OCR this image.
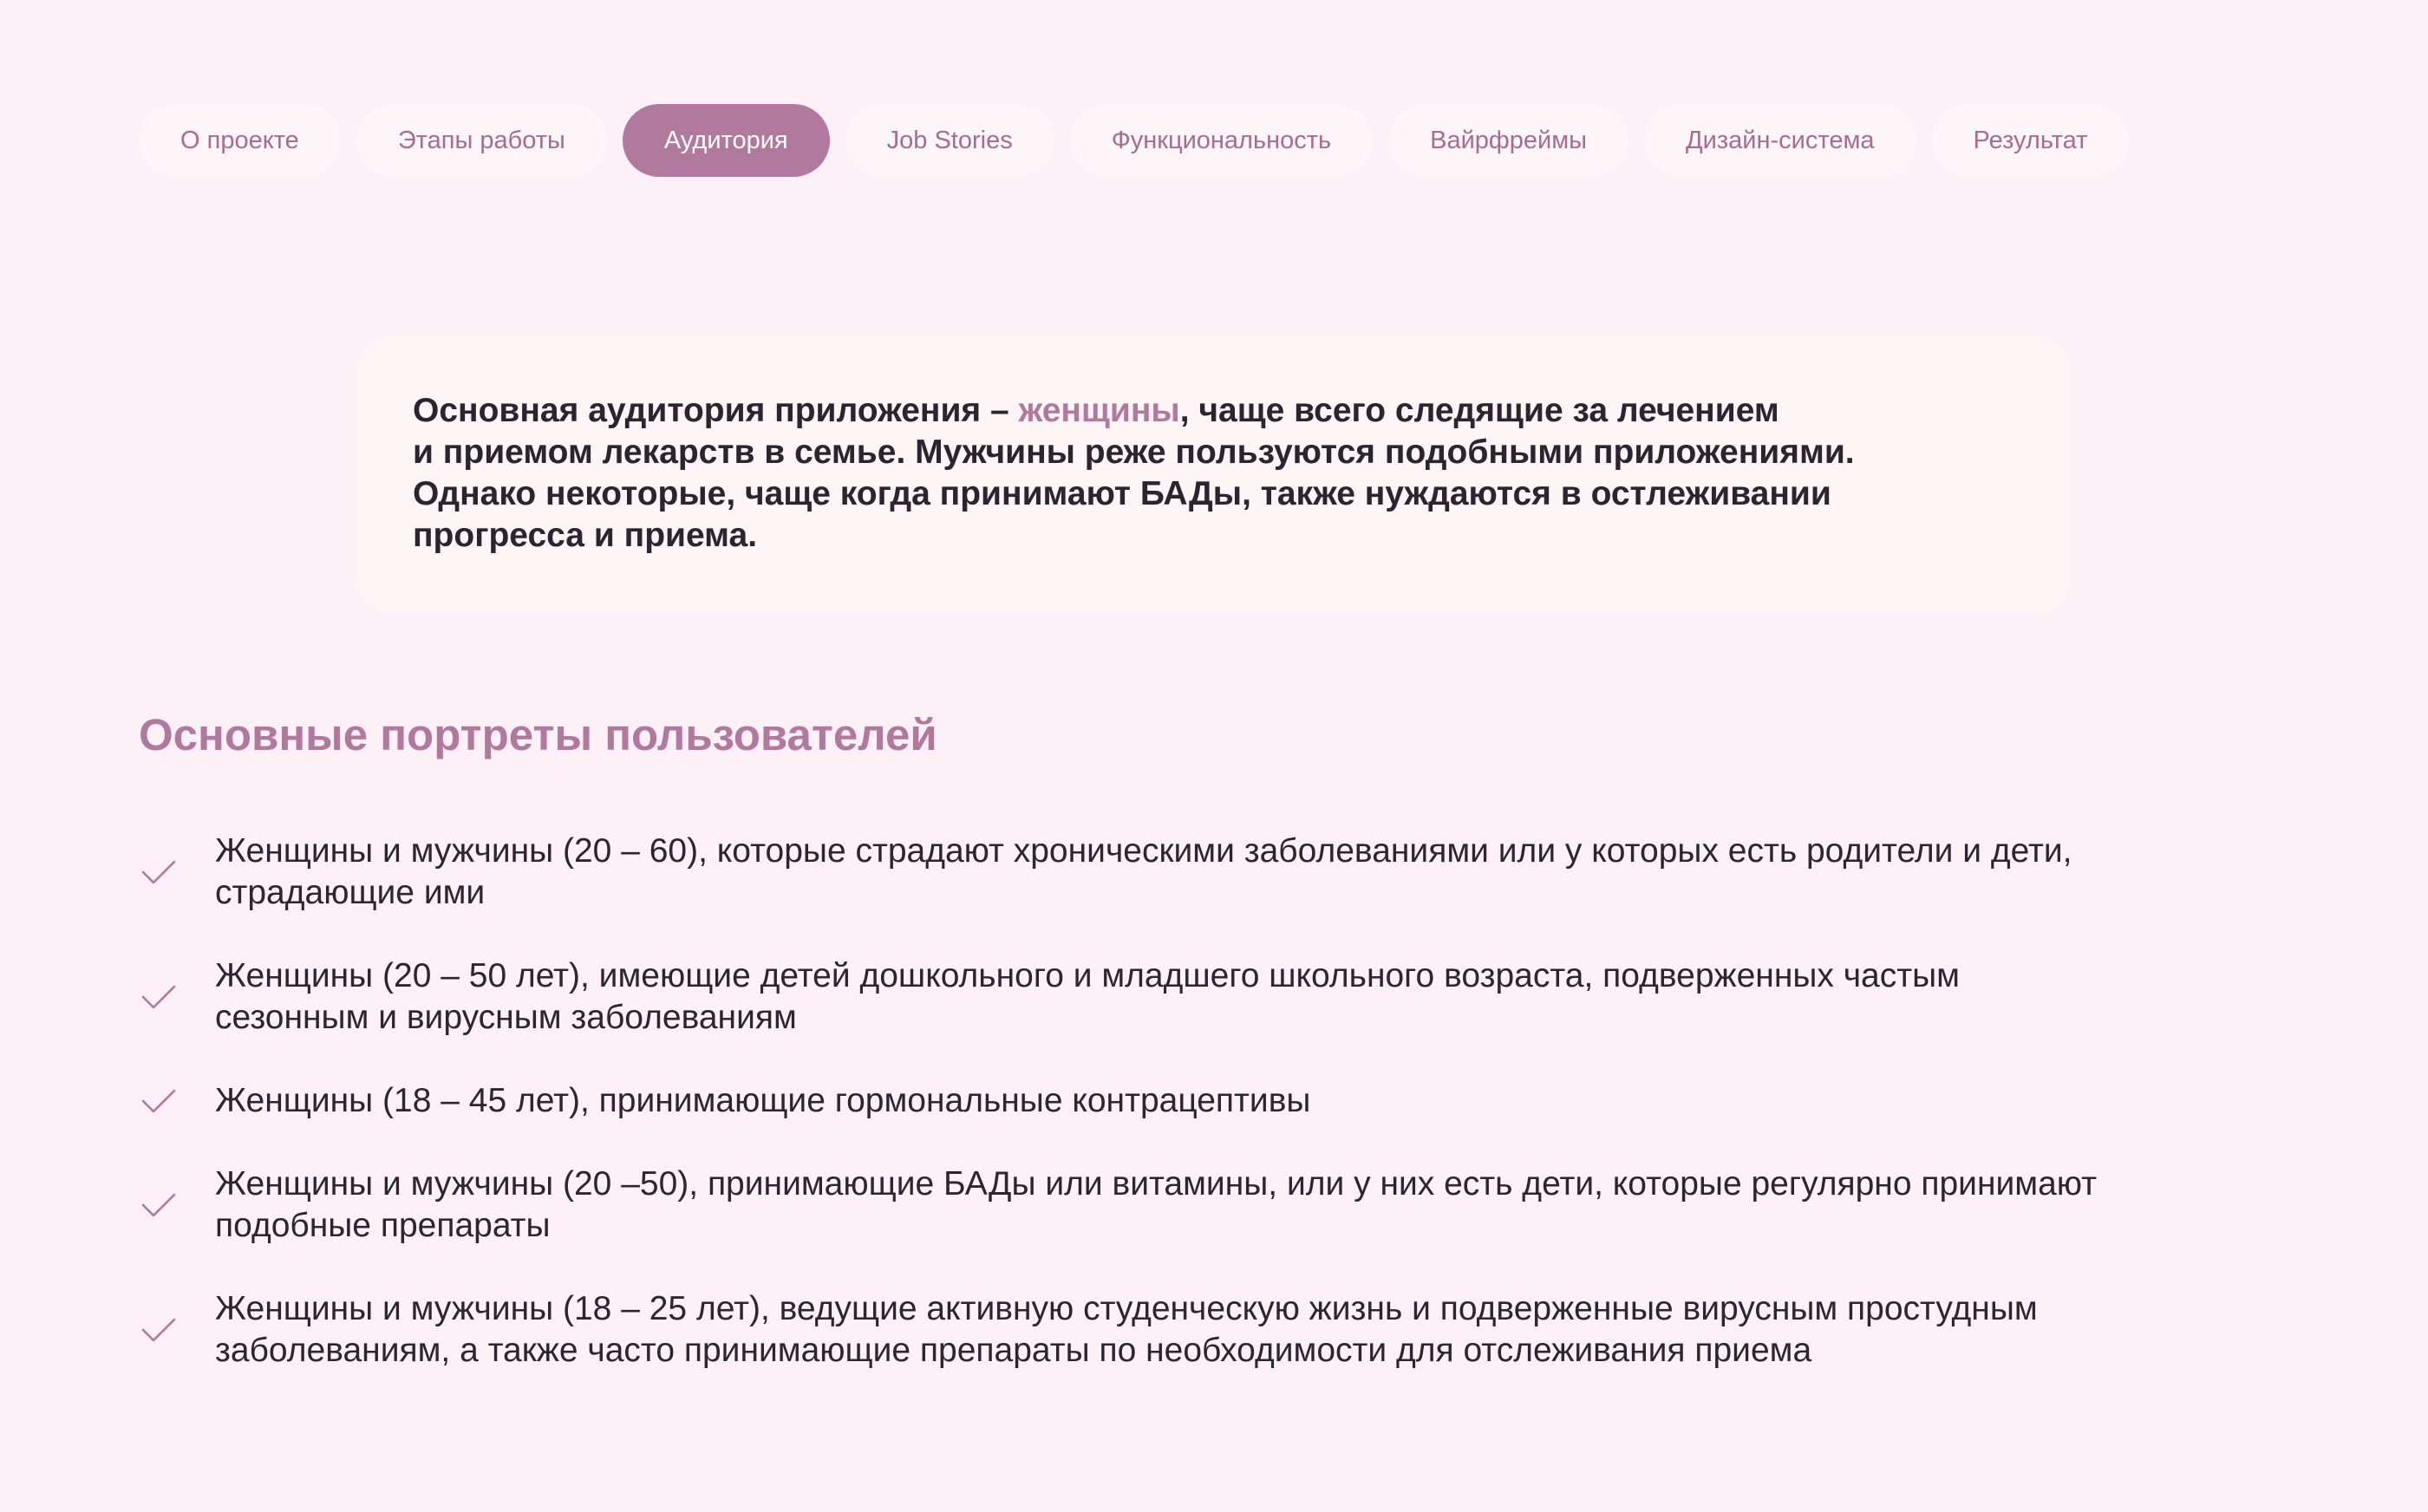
О проекте	Этапы работы	Аудитория	Job Stories	Функциональность	Вайрфреймы	Дизайн-система	Результат
Основная аудитория приложения – женщины, чаще всего следящие за лечением
и приемом лекарств в семье. Мужчины реже пользуются подобными приложениями.
Однако некоторые, чаще когда принимают БАДы, также нуждаются в остлеживании
прогресса и приема.
Основные портреты пользователей
Женщины и мужчины (20 – 60), которые страдают хроническими заболеваниями или у которых есть родители и дети,
страдающие ими
Женщины (20 – 50 лет), имеющие детей дошкольного и младшего школьного возраста, подверженных частым
сезонным и вирусным заболеваниям
Женщины (18 – 45 лет), принимающие гормональные контрацептивы
Женщины и мужчины (20 –50), принимающие БАДы или витамины, или у них есть дети, которые регулярно принимают
подобные препараты
Женщины и мужчины (18 – 25 лет), ведущие активную студенческую жизнь и подверженные вирусным простудным
заболеваниям, а также часто принимающие препараты по необходимости для отслеживания приема
